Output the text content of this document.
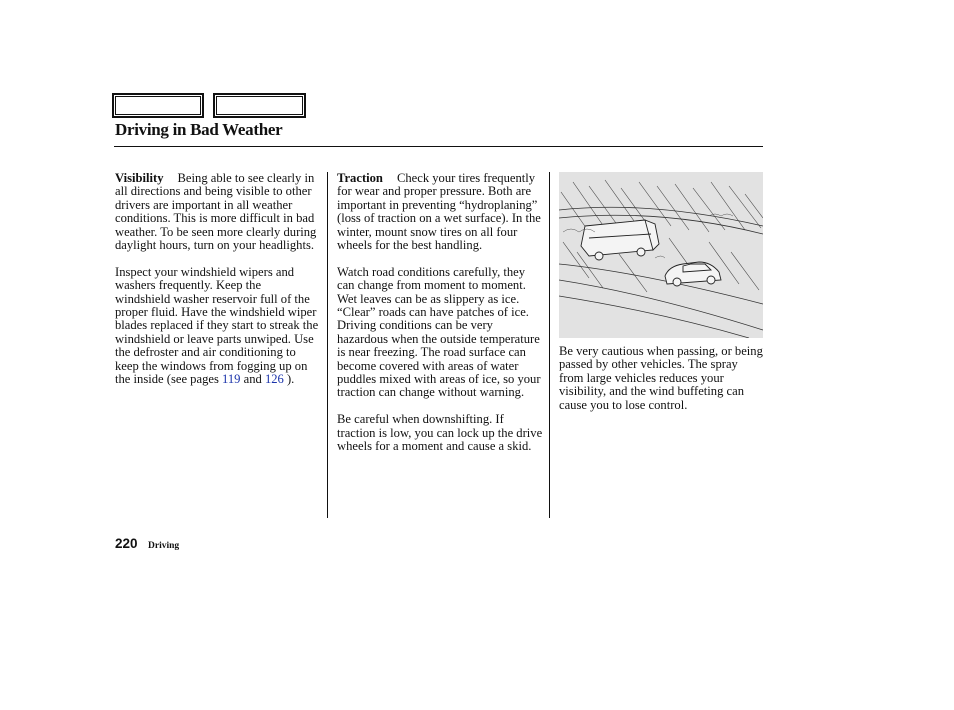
Driving in Bad Weather

Visibility Being able to see clearly in all directions and being visible to other drivers are important in all weather conditions. This is more difficult in bad weather. To be seen more clearly during daylight hours, turn on your headlights.

Inspect your windshield wipers and washers frequently. Keep the windshield washer reservoir full of the proper fluid. Have the windshield wiper blades replaced if they start to streak the windshield or leave parts unwiped. Use the defroster and air conditioning to keep the windows from fogging up on the inside (see pages 119 and 126 ).

Traction Check your tires frequently for wear and proper pressure. Both are important in preventing “hydroplaning” (loss of traction on a wet surface). In the winter, mount snow tires on all four wheels for the best handling.

Watch road conditions carefully, they can change from moment to moment. Wet leaves can be as slippery as ice. “Clear” roads can have patches of ice. Driving conditions can be very hazardous when the outside temperature is near freezing. The road surface can become covered with areas of water puddles mixed with areas of ice, so your traction can change without warning.

Be careful when downshifting. If traction is low, you can lock up the drive wheels for a moment and cause a skid.

Be very cautious when passing, or being passed by other vehicles. The spray from large vehicles reduces your visibility, and the wind buffeting can cause you to lose control.

220 Driving
